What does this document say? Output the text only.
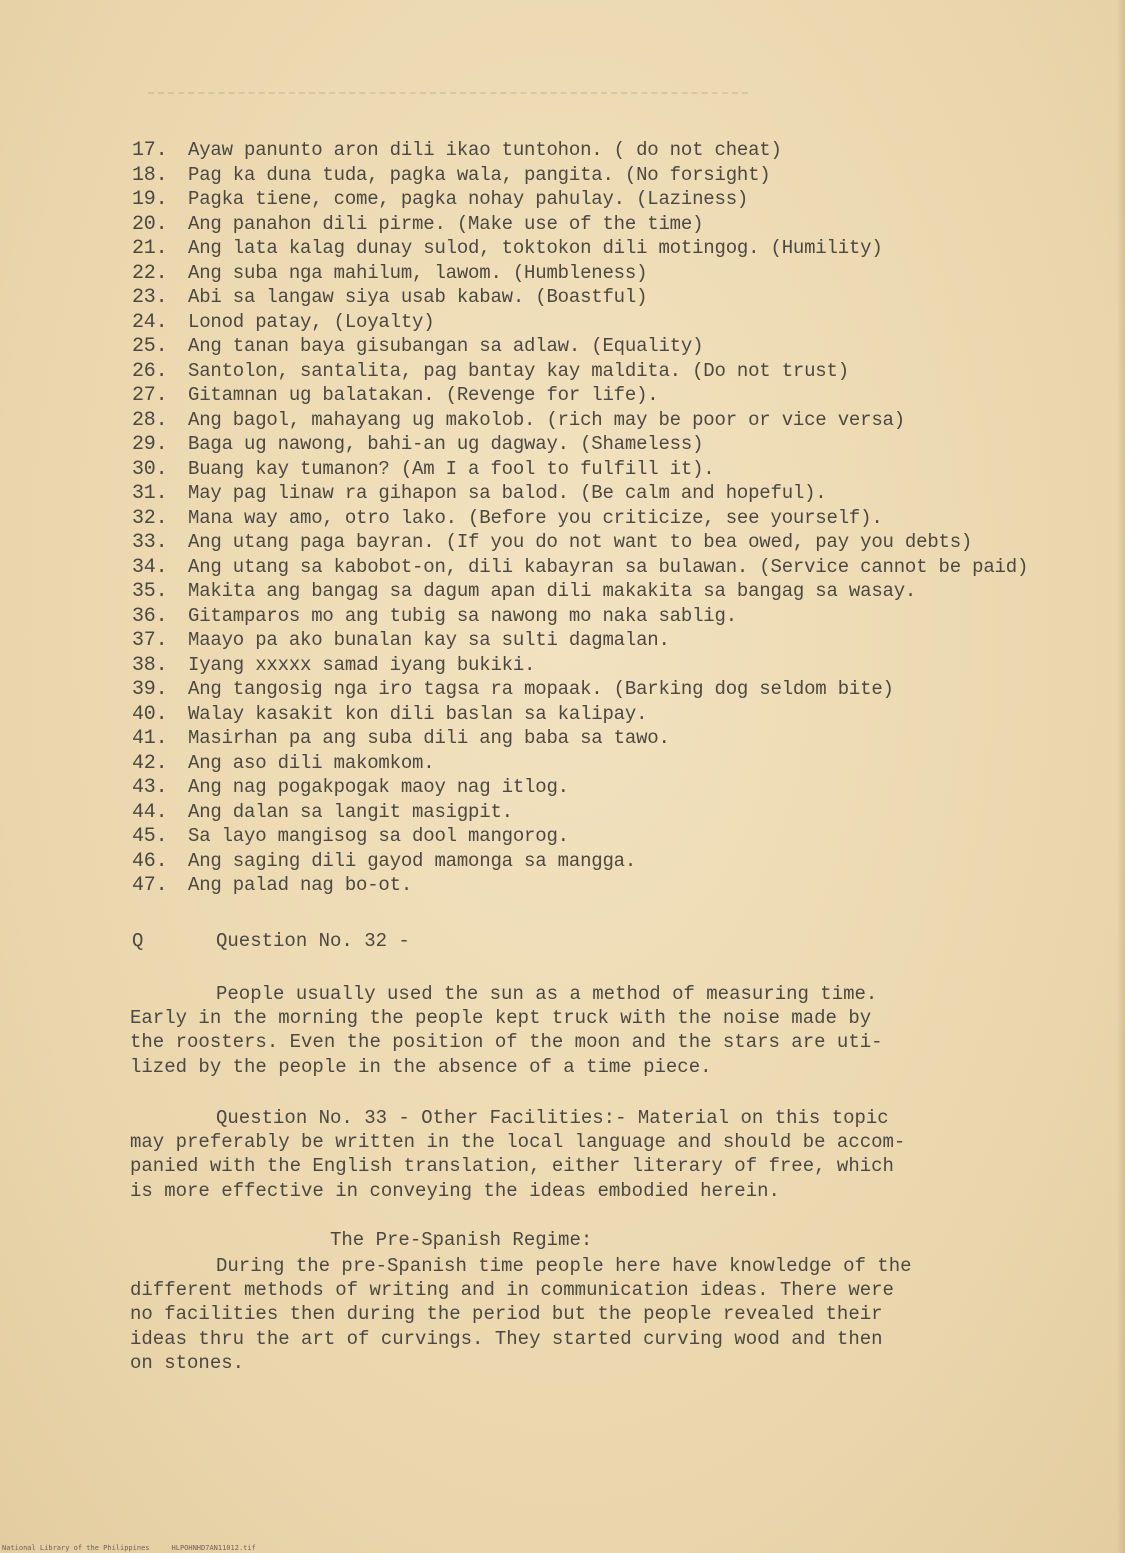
17. Ayaw panunto aron dili ikao tuntohon. ( do not cheat)
18. Pag ka duna tuda, pagka wala, pangita. (No forsight)
19. Pagka tiene, come, pagka nohay pahulay. (Laziness)
20. Ang panahon dili pirme. (Make use of the time)
21. Ang lata kalag dunay sulod, toktokon dili motingog. (Humility)
22. Ang suba nga mahilum, lawom. (Humbleness)
23. Abi sa langaw siya usab kabaw. (Boastful)
24. Lonod patay, (Loyalty)
25. Ang tanan baya gisubangan sa adlaw. (Equality)
26. Santolon, santalita, pag bantay kay maldita. (Do not trust)
27. Gitamnan ug balatakan. (Revenge for life).
28. Ang bagol, mahayang ug makolob. (rich may be poor or vice versa)
29. Baga ug nawong, bahi-an ug dagway. (Shameless)
30. Buang kay tumanon? (Am I a fool to fulfill it).
31. May pag linaw ra gihapon sa balod. (Be calm and hopeful).
32. Mana way amo, otro lako. (Before you criticize, see yourself).
33. Ang utang paga bayran. (If you do not want to bea owed, pay you debts)
34. Ang utang sa kabobot-on, dili kabayran sa bulawan. (Service cannot be paid)
35. Makita ang bangag sa dagum apan dili makakita sa bangag sa wasay.
36. Gitamparos mo ang tubig sa nawong mo naka sablig.
37. Maayo pa ako bunalan kay sa sulti dagmalan.
38. Iyang xxxxx samad iyang bukiki.
39. Ang tangosig nga iro tagsa ra mopaak. (Barking dog seldom bite)
40. Walay kasakit kon dili baslan sa kalipay.
41. Masirhan pa ang suba dili ang baba sa tawo.
42. Ang aso dili makomkom.
43. Ang nag pogakpogak maoy nag itlog.
44. Ang dalan sa langit masigpit.
45. Sa layo mangisog sa dool mangorog.
46. Ang saging dili gayod mamonga sa mangga.
47. Ang palad nag bo-ot.
Q	Question No. 32 -

People usually used the sun as a method of measuring time.
Early in the morning the people kept truck with the noise made by
the roosters. Even the position of the moon and the stars are uti-
lized by the people in the absence of a time piece.

Question No. 33 - Other Facilities:- Material on this topic
may preferably be written in the local language and should be accom-
panied with the English translation, either literary of free, which
is more effective in conveying the ideas embodied herein.

The Pre-Spanish Regime:

During the pre-Spanish time people here have knowledge of the
different methods of writing and in communication ideas. There were
no facilities then during the period but the people revealed their
ideas thru the art of curvings. They started curving wood and then
on stones.

National Library of the Philippines	HLPOHNHD7AN11012.tif
